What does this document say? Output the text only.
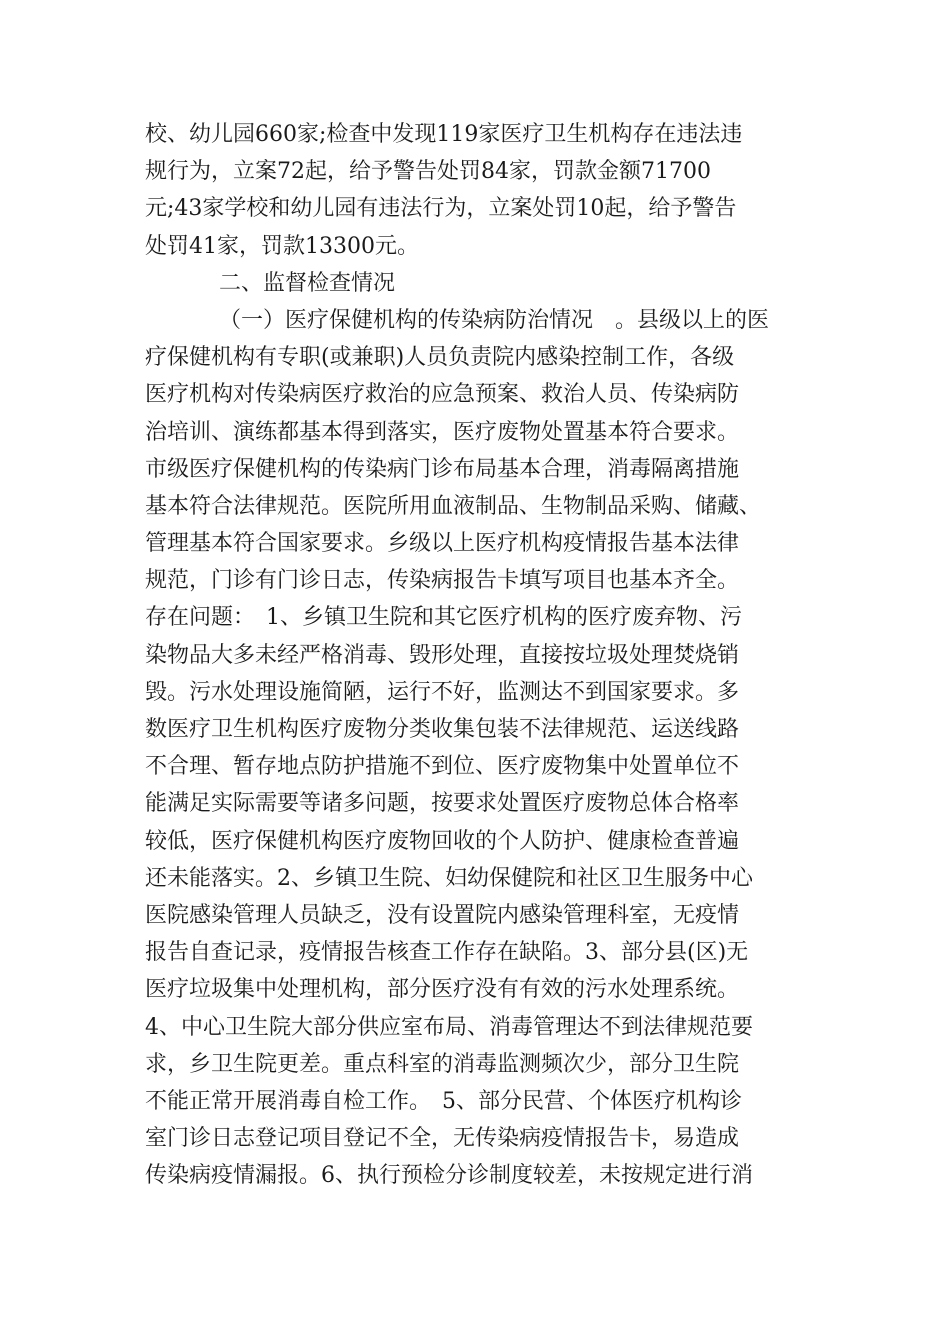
校、幼儿园660家;检查中发现119家医疗卫生机构存在违法违
规行为，立案72起，给予警告处罚84家，罚款金额71700
元;43家学校和幼儿园有违法行为，立案处罚10起，给予警告
处罚41家，罚款13300元。
二、监督检查情况
（一）医疗保健机构的传染病防治情况　。县级以上的医
疗保健机构有专职(或兼职)人员负责院内感染控制工作，各级
医疗机构对传染病医疗救治的应急预案、救治人员、传染病防
治培训、演练都基本得到落实，医疗废物处置基本符合要求。
市级医疗保健机构的传染病门诊布局基本合理，消毒隔离措施
基本符合法律规范。医院所用血液制品、生物制品采购、储藏、
管理基本符合国家要求。乡级以上医疗机构疫情报告基本法律
规范，门诊有门诊日志，传染病报告卡填写项目也基本齐全。
存在问题：　1、乡镇卫生院和其它医疗机构的医疗废弃物、污
染物品大多未经严格消毒、毁形处理，直接按垃圾处理焚烧销
毁。污水处理设施简陋，运行不好，监测达不到国家要求。多
数医疗卫生机构医疗废物分类收集包装不法律规范、运送线路
不合理、暂存地点防护措施不到位、医疗废物集中处置单位不
能满足实际需要等诸多问题，按要求处置医疗废物总体合格率
较低，医疗保健机构医疗废物回收的个人防护、健康检查普遍
还未能落实。2、乡镇卫生院、妇幼保健院和社区卫生服务中心
医院感染管理人员缺乏，没有设置院内感染管理科室，无疫情
报告自查记录，疫情报告核查工作存在缺陷。3、部分县(区)无
医疗垃圾集中处理机构，部分医疗没有有效的污水处理系统。
4、中心卫生院大部分供应室布局、消毒管理达不到法律规范要
求，乡卫生院更差。重点科室的消毒监测频次少，部分卫生院
不能正常开展消毒自检工作。　5、部分民营、个体医疗机构诊
室门诊日志登记项目登记不全，无传染病疫情报告卡，易造成
传染病疫情漏报。6、执行预检分诊制度较差，未按规定进行消
